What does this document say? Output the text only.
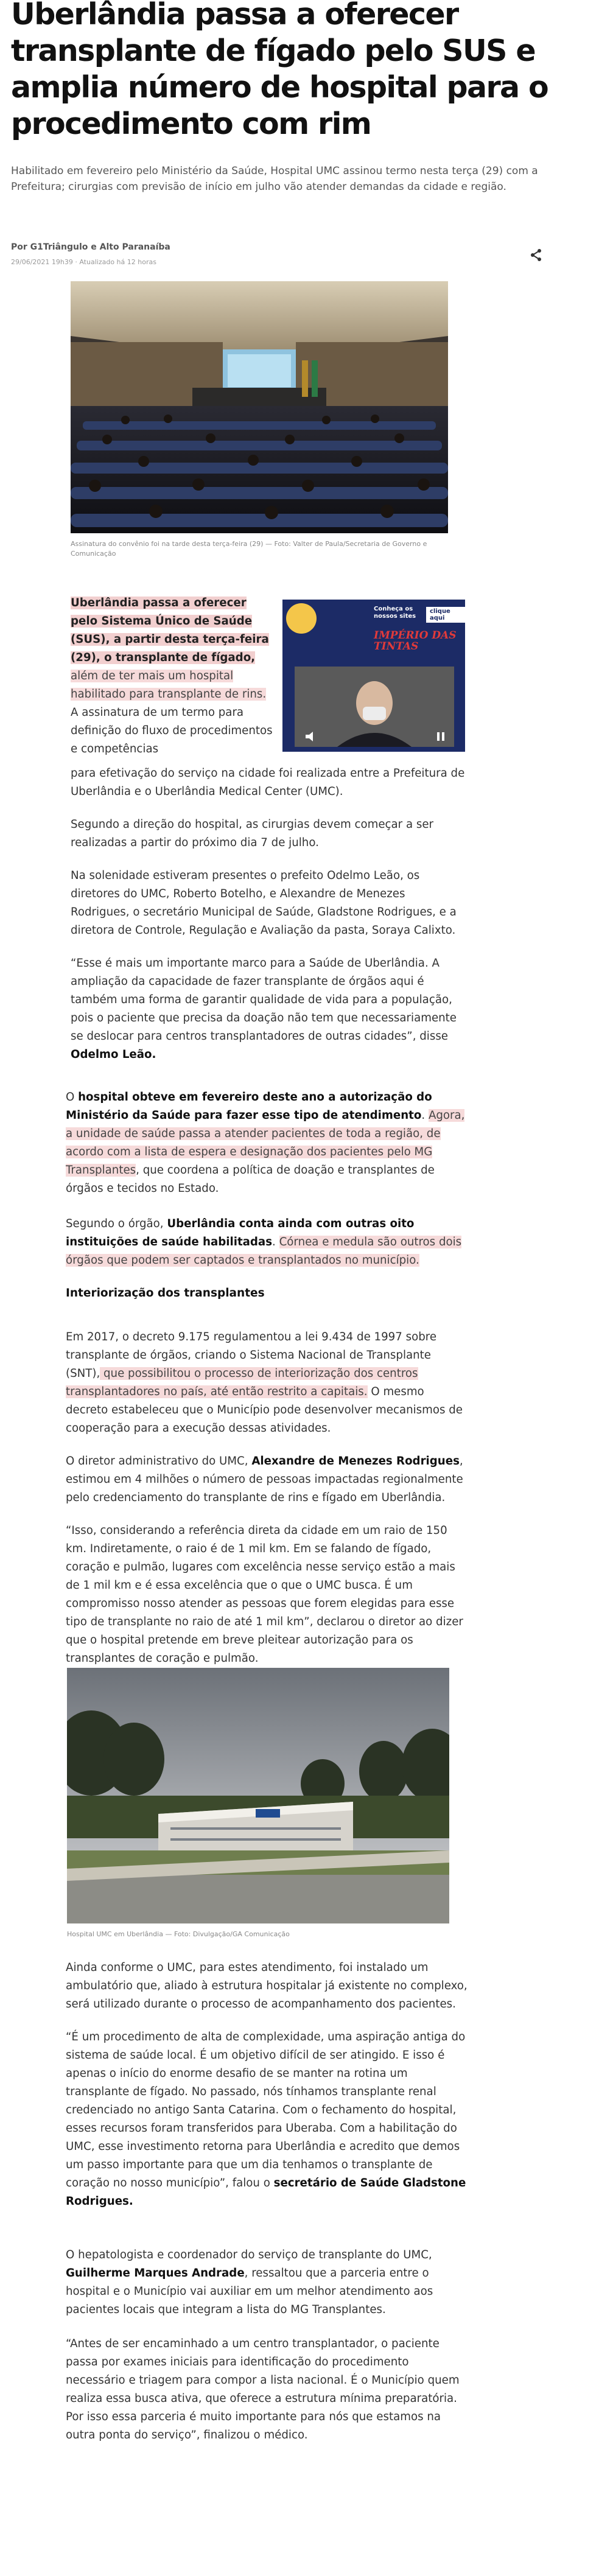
Uberlândia passa a oferecer transplante de fígado pelo SUS e amplia número de hospital para o procedimento com rim

Habilitado em fevereiro pelo Ministério da Saúde, Hospital UMC assinou termo nesta terça (29) com a Prefeitura; cirurgias com previsão de início em julho vão atender demandas da cidade e região.

Por G1Triângulo e Alto Paranaíba
29/06/2021 19h39 · Atualizado há 12 horas
Assinatura do convênio foi na tarde desta terça-feira (29) — Foto: Valter de Paula/Secretaria de Governo e Comunicação
Conheça os nossos sites
clique aqui
IMPÉRIO DAS TINTAS

Uberlândia passa a oferecer pelo Sistema Único de Saúde (SUS), a partir desta terça-feira (29), o transplante de fígado, além de ter mais um hospital habilitado para transplante de rins. A assinatura de um termo para definição do fluxo de procedimentos e competências

para efetivação do serviço na cidade foi realizada entre a Prefeitura de Uberlândia e o Uberlândia Medical Center (UMC).

Segundo a direção do hospital, as cirurgias devem começar a ser realizadas a partir do próximo dia 7 de julho.

Na solenidade estiveram presentes o prefeito Odelmo Leão, os diretores do UMC, Roberto Botelho, e Alexandre de Menezes Rodrigues, o secretário Municipal de Saúde, Gladstone Rodrigues, e a diretora de Controle, Regulação e Avaliação da pasta, Soraya Calixto.

“Esse é mais um importante marco para a Saúde de Uberlândia. A ampliação da capacidade de fazer transplante de órgãos aqui é também uma forma de garantir qualidade de vida para a população, pois o paciente que precisa da doação não tem que necessariamente se deslocar para centros transplantadores de outras cidades”, disse Odelmo Leão.

O hospital obteve em fevereiro deste ano a autorização do Ministério da Saúde para fazer esse tipo de atendimento. Agora, a unidade de saúde passa a atender pacientes de toda a região, de acordo com a lista de espera e designação dos pacientes pelo MG Transplantes, que coordena a política de doação e transplantes de órgãos e tecidos no Estado.

Segundo o órgão, Uberlândia conta ainda com outras oito instituições de saúde habilitadas. Córnea e medula são outros dois órgãos que podem ser captados e transplantados no município.

Interiorização dos transplantes

Em 2017, o decreto 9.175 regulamentou a lei 9.434 de 1997 sobre transplante de órgãos, criando o Sistema Nacional de Transplante (SNT), que possibilitou o processo de interiorização dos centros transplantadores no país, até então restrito a capitais. O mesmo decreto estabeleceu que o Município pode desenvolver mecanismos de cooperação para a execução dessas atividades.

O diretor administrativo do UMC, Alexandre de Menezes Rodrigues, estimou em 4 milhões o número de pessoas impactadas regionalmente pelo credenciamento do transplante de rins e fígado em Uberlândia.

“Isso, considerando a referência direta da cidade em um raio de 150 km. Indiretamente, o raio é de 1 mil km. Em se falando de fígado, coração e pulmão, lugares com excelência nesse serviço estão a mais de 1 mil km e é essa excelência que o que o UMC busca. É um compromisso nosso atender as pessoas que forem elegidas para esse tipo de transplante no raio de até 1 mil km”, declarou o diretor ao dizer que o hospital pretende em breve pleitear autorização para os transplantes de coração e pulmão.

Hospital UMC em Uberlândia — Foto: Divulgação/GA Comunicação

Ainda conforme o UMC, para estes atendimento, foi instalado um ambulatório que, aliado à estrutura hospitalar já existente no complexo, será utilizado durante o processo de acompanhamento dos pacientes.

“É um procedimento de alta de complexidade, uma aspiração antiga do sistema de saúde local. É um objetivo difícil de ser atingido. E isso é apenas o início do enorme desafio de se manter na rotina um transplante de fígado. No passado, nós tínhamos transplante renal credenciado no antigo Santa Catarina. Com o fechamento do hospital, esses recursos foram transferidos para Uberaba. Com a habilitação do UMC, esse investimento retorna para Uberlândia e acredito que demos um passo importante para que um dia tenhamos o transplante de coração no nosso município”, falou o secretário de Saúde Gladstone Rodrigues.

O hepatologista e coordenador do serviço de transplante do UMC, Guilherme Marques Andrade, ressaltou que a parceria entre o hospital e o Município vai auxiliar em um melhor atendimento aos pacientes locais que integram a lista do MG Transplantes.

“Antes de ser encaminhado a um centro transplantador, o paciente passa por exames iniciais para identificação do procedimento necessário e triagem para compor a lista nacional. É o Município quem realiza essa busca ativa, que oferece a estrutura mínima preparatória. Por isso essa parceria é muito importante para nós que estamos na outra ponta do serviço”, finalizou o médico.
